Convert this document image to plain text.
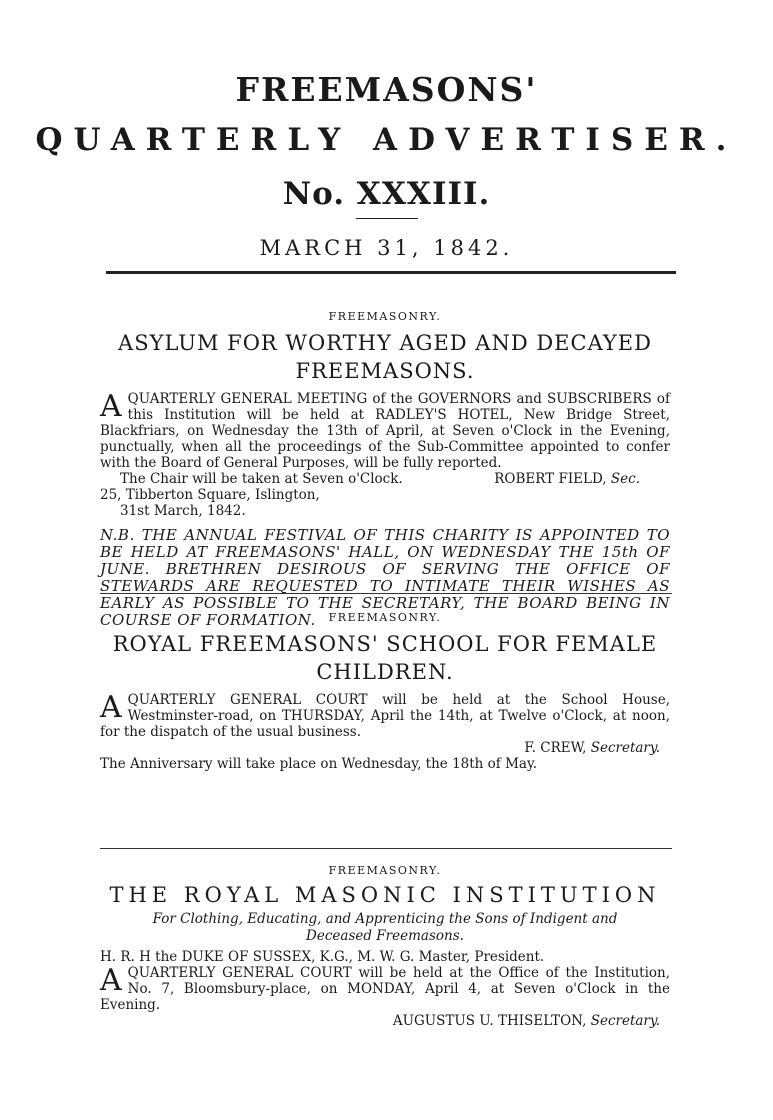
FREEMASONS'

QUARTERLY ADVERTISER.

No. XXXIII.

MARCH 31, 1842.

FREEMASONRY.

ASYLUM FOR WORTHY AGED AND DECAYED

FREEMASONS.

A QUARTERLY GENERAL MEETING of the GOVERNORS and SUBSCRIBERS of this Institution will be held at RADLEY'S HOTEL, New Bridge Street, Blackfriars, on Wednesday the 13th of April, at Seven o'Clock in the Evening, punctually, when all the proceedings of the Sub-Committee appointed to confer with the Board of General Purposes, will be fully reported.
The Chair will be taken at Seven o'Clock.	ROBERT FIELD, Sec.

25, Tibberton Square, Islington,

31st March, 1842.

N.B. THE ANNUAL FESTIVAL OF THIS CHARITY IS APPOINTED TO BE HELD AT FREEMASONS' HALL, ON WEDNESDAY THE 15th OF JUNE. BRETHREN DESIROUS OF SERVING THE OFFICE OF STEWARDS ARE REQUESTED TO INTIMATE THEIR WISHES AS EARLY AS POSSIBLE TO THE SECRETARY, THE BOARD BEING IN COURSE OF FORMATION.	FREEMASONRY.

ROYAL FREEMASONS' SCHOOL FOR FEMALE

CHILDREN.

A QUARTERLY GENERAL COURT will be held at the School House, Westminster-road, on THURSDAY, April the 14th, at Twelve o'Clock, at noon, for the dispatch of the usual business.

F. CREW, Secretary.

The Anniversary will take place on Wednesday, the 18th of May.

FREEMASONRY.

THE ROYAL MASONIC INSTITUTION

For Clothing, Educating, and Apprenticing the Sons of Indigent and

Deceased Freemasons.

H. R. H the DUKE OF SUSSEX, K.G., M. W. G. Master, President.

A QUARTERLY GENERAL COURT will be held at the Office of the Institution, No. 7, Bloomsbury-place, on MONDAY, April 4, at Seven o'Clock in the Evening.

AUGUSTUS U. THISELTON, Secretary.
